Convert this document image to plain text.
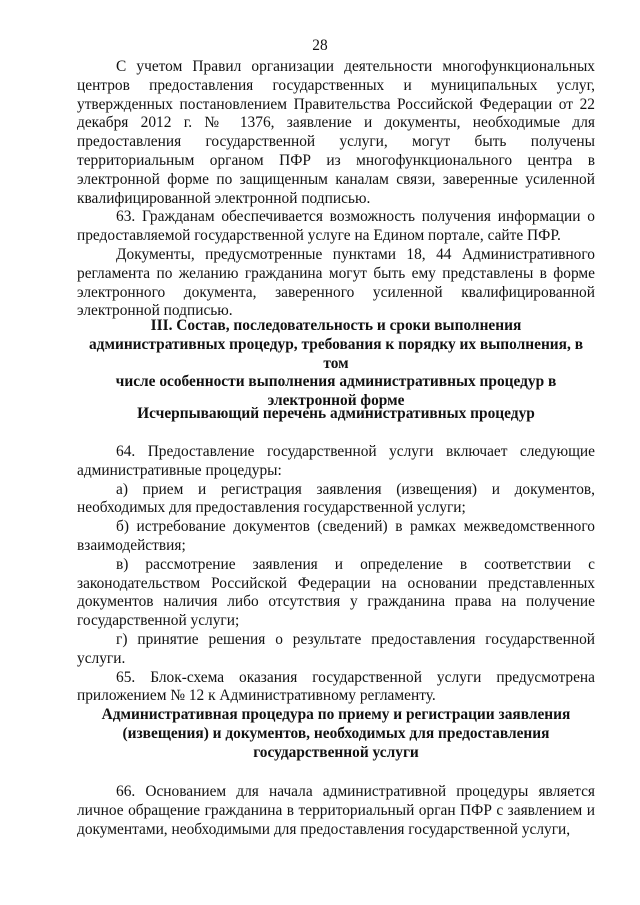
28

С учетом Правил организации деятельности многофункциональных центров предоставления государственных и муниципальных услуг, утвержденных постановлением Правительства Российской Федерации от 22 декабря 2012 г. № 1376, заявление и документы, необходимые для предоставления государственной услуги, могут быть получены территориальным органом ПФР из многофункционального центра в электронной форме по защищенным каналам связи, заверенные усиленной квалифицированной электронной подписью.

63. Гражданам обеспечивается возможность получения информации о предоставляемой государственной услуге на Едином портале, сайте ПФР.

Документы, предусмотренные пунктами 18, 44 Административного регламента по желанию гражданина могут быть ему представлены в форме электронного документа, заверенного усиленной квалифицированной электронной подписью.

III. Состав, последовательность и сроки выполнения
административных процедур, требования к порядку их выполнения, в том
числе особенности выполнения административных процедур в
электронной форме
Исчерпывающий перечень административных процедур

64. Предоставление государственной услуги включает следующие административные процедуры:

а) прием и регистрация заявления (извещения) и документов, необходимых для предоставления государственной услуги;

б) истребование документов (сведений) в рамках межведомственного взаимодействия;

в) рассмотрение заявления и определение в соответствии с законодательством Российской Федерации на основании представленных документов наличия либо отсутствия у гражданина права на получение государственной услуги;

г) принятие решения о результате предоставления государственной услуги.

65. Блок-схема оказания государственной услуги предусмотрена приложением № 12 к Административному регламенту.

Административная процедура по приему и регистрации заявления
(извещения) и документов, необходимых для предоставления
государственной услуги

66. Основанием для начала административной процедуры является личное обращение гражданина в территориальный орган ПФР с заявлением и документами, необходимыми для предоставления государственной услуги,
